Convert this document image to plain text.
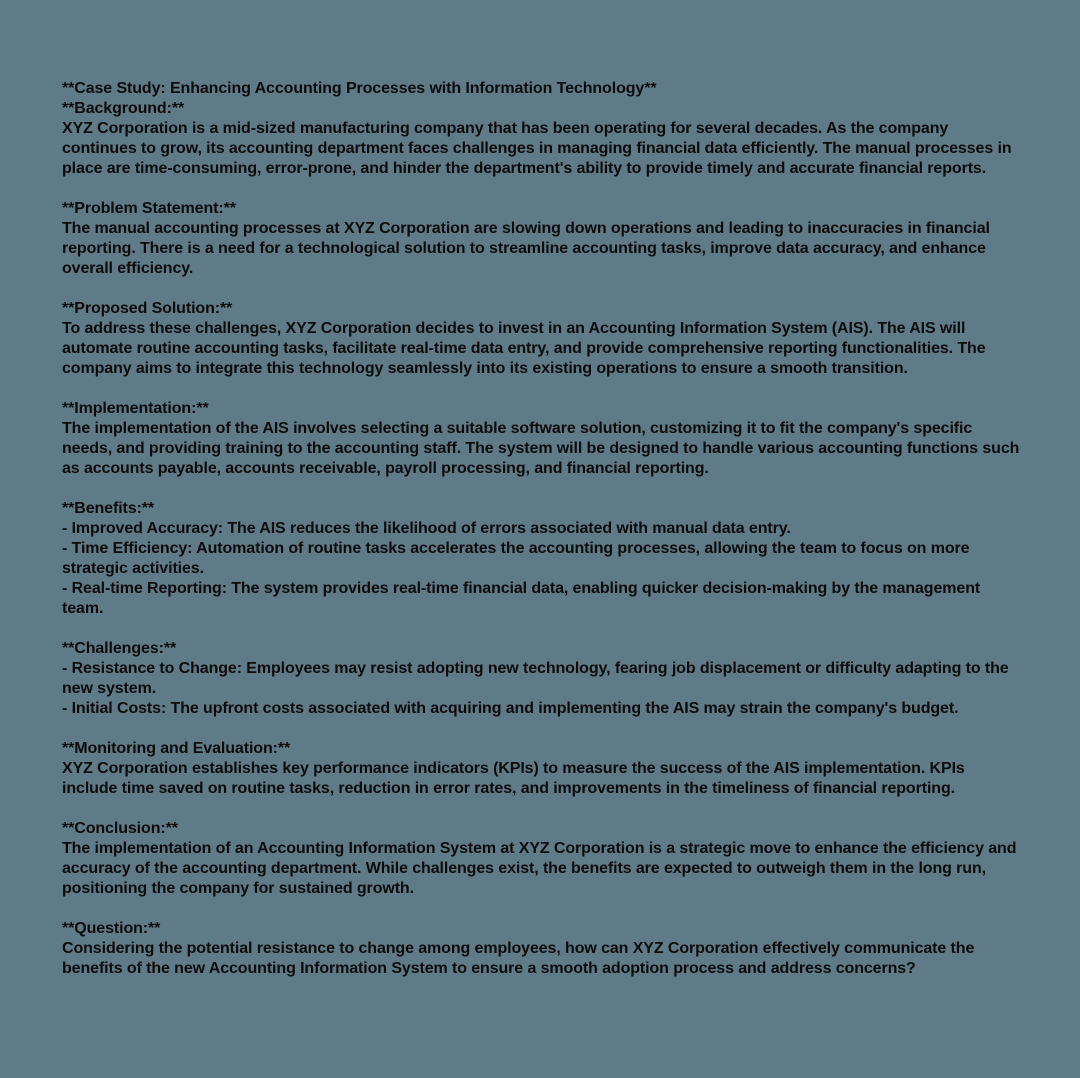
**Case Study: Enhancing Accounting Processes with Information Technology**

**Background:**

XYZ Corporation is a mid-sized manufacturing company that has been operating for several decades. As the company continues to grow, its accounting department faces challenges in managing financial data efficiently. The manual processes in place are time-consuming, error-prone, and hinder the department's ability to provide timely and accurate financial reports.

**Problem Statement:**

The manual accounting processes at XYZ Corporation are slowing down operations and leading to inaccuracies in financial reporting. There is a need for a technological solution to streamline accounting tasks, improve data accuracy, and enhance overall efficiency.

**Proposed Solution:**

To address these challenges, XYZ Corporation decides to invest in an Accounting Information System (AIS). The AIS will automate routine accounting tasks, facilitate real-time data entry, and provide comprehensive reporting functionalities. The company aims to integrate this technology seamlessly into its existing operations to ensure a smooth transition.

**Implementation:**

The implementation of the AIS involves selecting a suitable software solution, customizing it to fit the company's specific needs, and providing training to the accounting staff. The system will be designed to handle various accounting functions such as accounts payable, accounts receivable, payroll processing, and financial reporting.

**Benefits:**

- Improved Accuracy: The AIS reduces the likelihood of errors associated with manual data entry.

- Time Efficiency: Automation of routine tasks accelerates the accounting processes, allowing the team to focus on more strategic activities.

- Real-time Reporting: The system provides real-time financial data, enabling quicker decision-making by the management team.

**Challenges:**

- Resistance to Change: Employees may resist adopting new technology, fearing job displacement or difficulty adapting to the new system.

- Initial Costs: The upfront costs associated with acquiring and implementing the AIS may strain the company's budget.

**Monitoring and Evaluation:**

XYZ Corporation establishes key performance indicators (KPIs) to measure the success of the AIS implementation. KPIs include time saved on routine tasks, reduction in error rates, and improvements in the timeliness of financial reporting.

**Conclusion:**

The implementation of an Accounting Information System at XYZ Corporation is a strategic move to enhance the efficiency and accuracy of the accounting department. While challenges exist, the benefits are expected to outweigh them in the long run, positioning the company for sustained growth.

**Question:**

Considering the potential resistance to change among employees, how can XYZ Corporation effectively communicate the benefits of the new Accounting Information System to ensure a smooth adoption process and address concerns?
